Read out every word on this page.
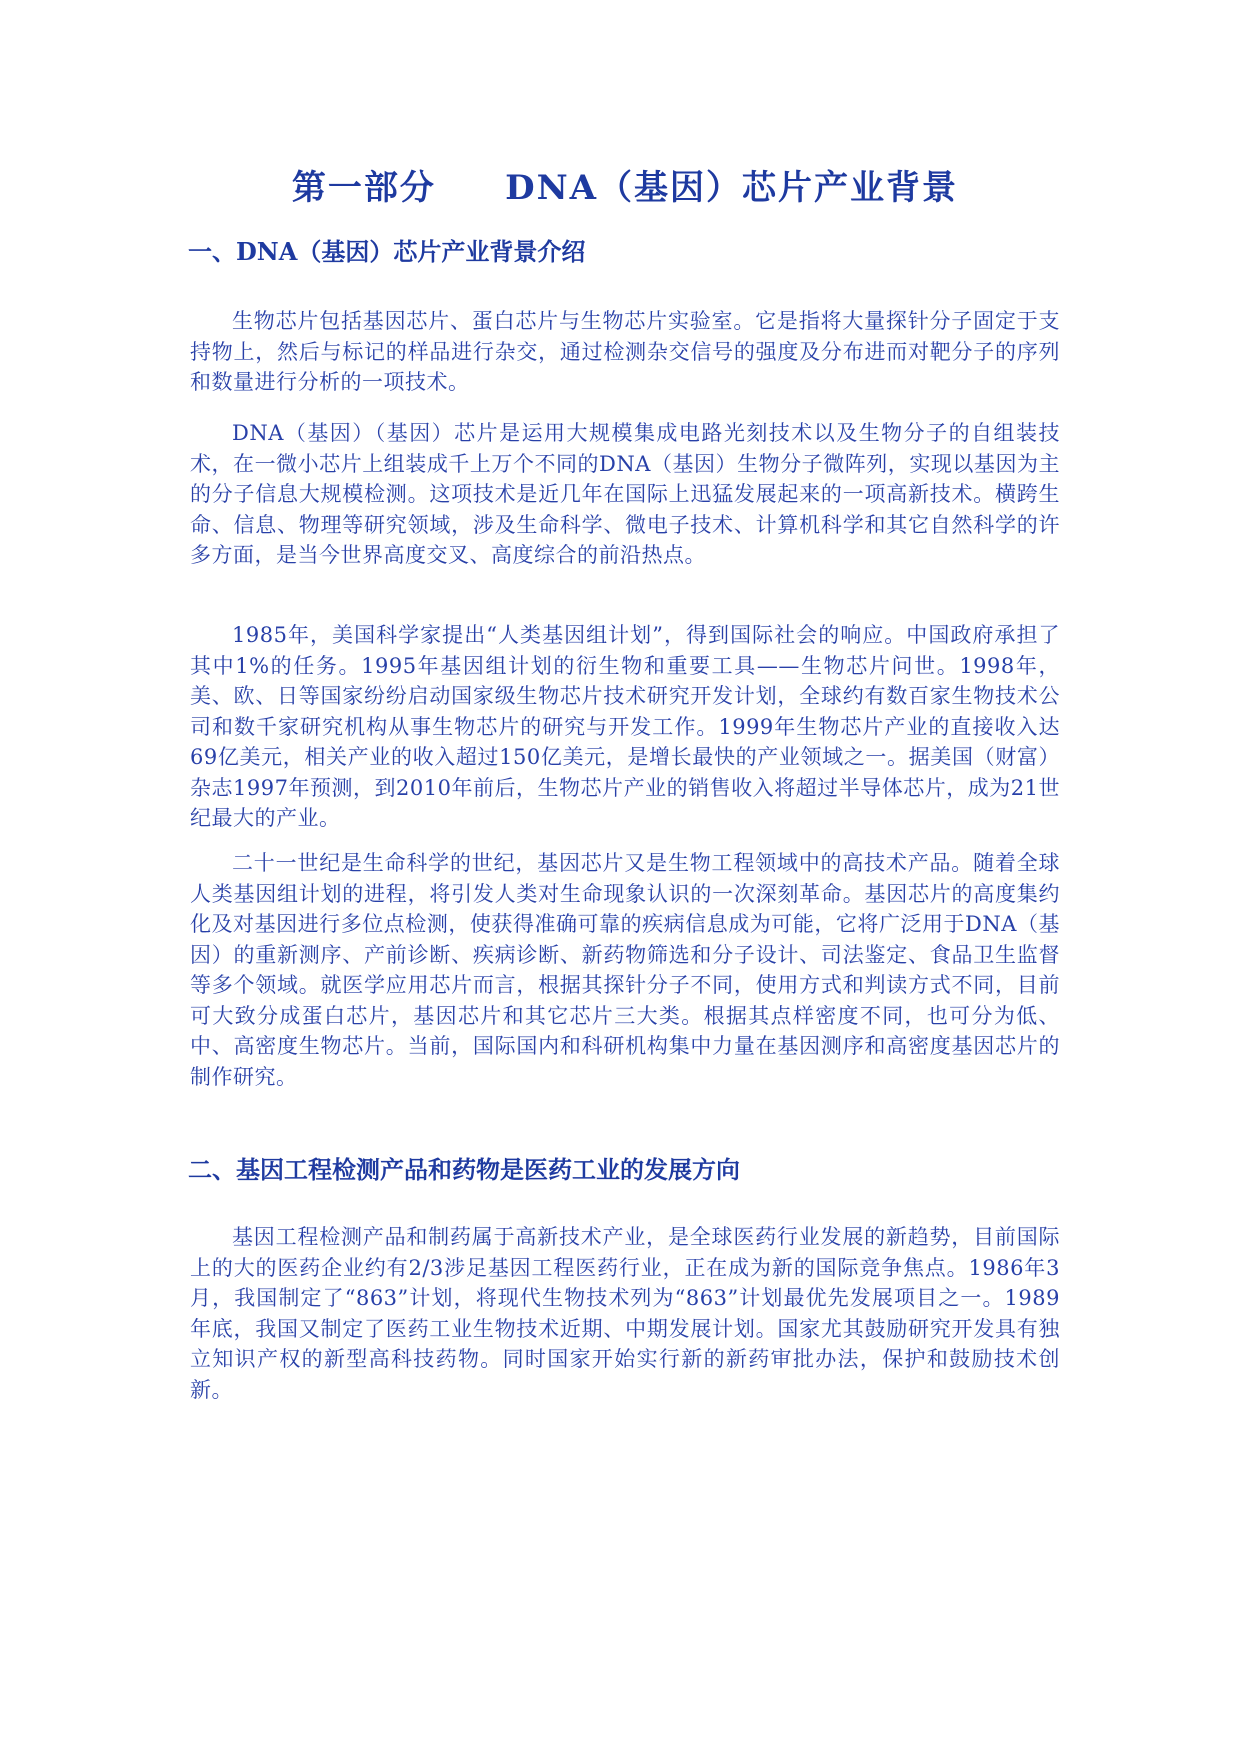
第一部分     DNA（基因）芯片产业背景
一、DNA（基因）芯片产业背景介绍
生物芯片包括基因芯片、蛋白芯片与生物芯片实验室。它是指将大量探针分子固定于支持物上，然后与标记的样品进行杂交，通过检测杂交信号的强度及分布进而对靶分子的序列和数量进行分析的一项技术。
DNA（基因）（基因）芯片是运用大规模集成电路光刻技术以及生物分子的自组装技术，在一微小芯片上组装成千上万个不同的DNA（基因）生物分子微阵列，实现以基因为主的分子信息大规模检测。这项技术是近几年在国际上迅猛发展起来的一项高新技术。横跨生命、信息、物理等研究领域，涉及生命科学、微电子技术、计算机科学和其它自然科学的许多方面，是当今世界高度交叉、高度综合的前沿热点。
1985年，美国科学家提出“人类基因组计划”，得到国际社会的响应。中国政府承担了其中1%的任务。1995年基因组计划的衍生物和重要工具——生物芯片问世。1998年，美、欧、日等国家纷纷启动国家级生物芯片技术研究开发计划，全球约有数百家生物技术公司和数千家研究机构从事生物芯片的研究与开发工作。1999年生物芯片产业的直接收入达69亿美元，相关产业的收入超过150亿美元，是增长最快的产业领域之一。据美国（财富）杂志1997年预测，到2010年前后，生物芯片产业的销售收入将超过半导体芯片，成为21世纪最大的产业。
二十一世纪是生命科学的世纪，基因芯片又是生物工程领域中的高技术产品。随着全球人类基因组计划的进程，将引发人类对生命现象认识的一次深刻革命。基因芯片的高度集约化及对基因进行多位点检测，使获得准确可靠的疾病信息成为可能，它将广泛用于DNA（基因）的重新测序、产前诊断、疾病诊断、新药物筛选和分子设计、司法鉴定、食品卫生监督等多个领域。就医学应用芯片而言，根据其探针分子不同，使用方式和判读方式不同，目前可大致分成蛋白芯片，基因芯片和其它芯片三大类。根据其点样密度不同，也可分为低、中、高密度生物芯片。当前，国际国内和科研机构集中力量在基因测序和高密度基因芯片的制作研究。
二、基因工程检测产品和药物是医药工业的发展方向
基因工程检测产品和制药属于高新技术产业，是全球医药行业发展的新趋势，目前国际上的大的医药企业约有2/3涉足基因工程医药行业，正在成为新的国际竞争焦点。1986年3月，我国制定了“863”计划，将现代生物技术列为“863”计划最优先发展项目之一。1989年底，我国又制定了医药工业生物技术近期、中期发展计划。国家尤其鼓励研究开发具有独立知识产权的新型高科技药物。同时国家开始实行新的新药审批办法，保护和鼓励技术创新。
